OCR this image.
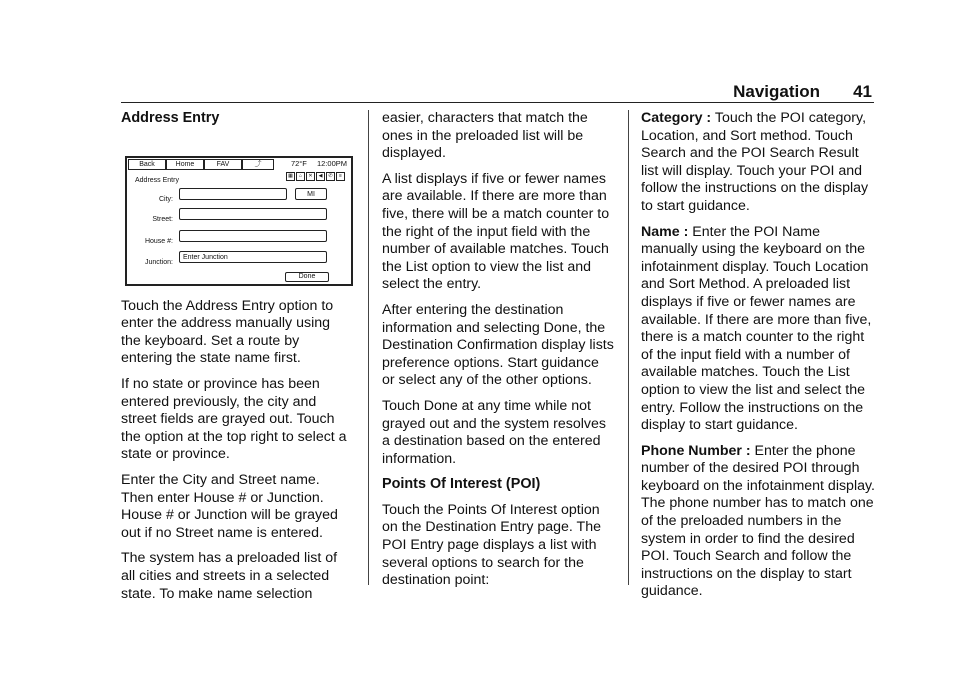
Navigation 41
Address Entry
Back	Home	FAV	⤴	72°F 12:00PM
Address Entry
▦	⌂	✕	◀	✆	≡
City:
MI
Street:
House #:
Junction:
Enter Junction
Done

Touch the Address Entry option to enter the address manually using the keyboard. Set a route by entering the state name first.

If no state or province has been entered previously, the city and street fields are grayed out. Touch the option at the top right to select a state or province.

Enter the City and Street name. Then enter House # or Junction. House # or Junction will be grayed out if no Street name is entered.

The system has a preloaded list of all cities and streets in a selected state. To make name selection

easier, characters that match the ones in the preloaded list will be displayed.

A list displays if five or fewer names are available. If there are more than five, there will be a match counter to the right of the input field with the number of available matches. Touch the List option to view the list and select the entry.

After entering the destination information and selecting Done, the Destination Confirmation display lists preference options. Start guidance or select any of the other options.

Touch Done at any time while not grayed out and the system resolves a destination based on the entered information.

Points Of Interest (POI)

Touch the Points Of Interest option on the Destination Entry page. The POI Entry page displays a list with several options to search for the destination point:

Category : Touch the POI category, Location, and Sort method. Touch Search and the POI Search Result list will display. Touch your POI and follow the instructions on the display to start guidance.

Name : Enter the POI Name manually using the keyboard on the infotainment display. Touch Location and Sort Method. A preloaded list displays if five or fewer names are available. If there are more than five, there is a match counter to the right of the input field with a number of available matches. Touch the List option to view the list and select the entry. Follow the instructions on the display to start guidance.

Phone Number : Enter the phone number of the desired POI through keyboard on the infotainment display. The phone number has to match one of the preloaded numbers in the system in order to find the desired POI. Touch Search and follow the instructions on the display to start guidance.
